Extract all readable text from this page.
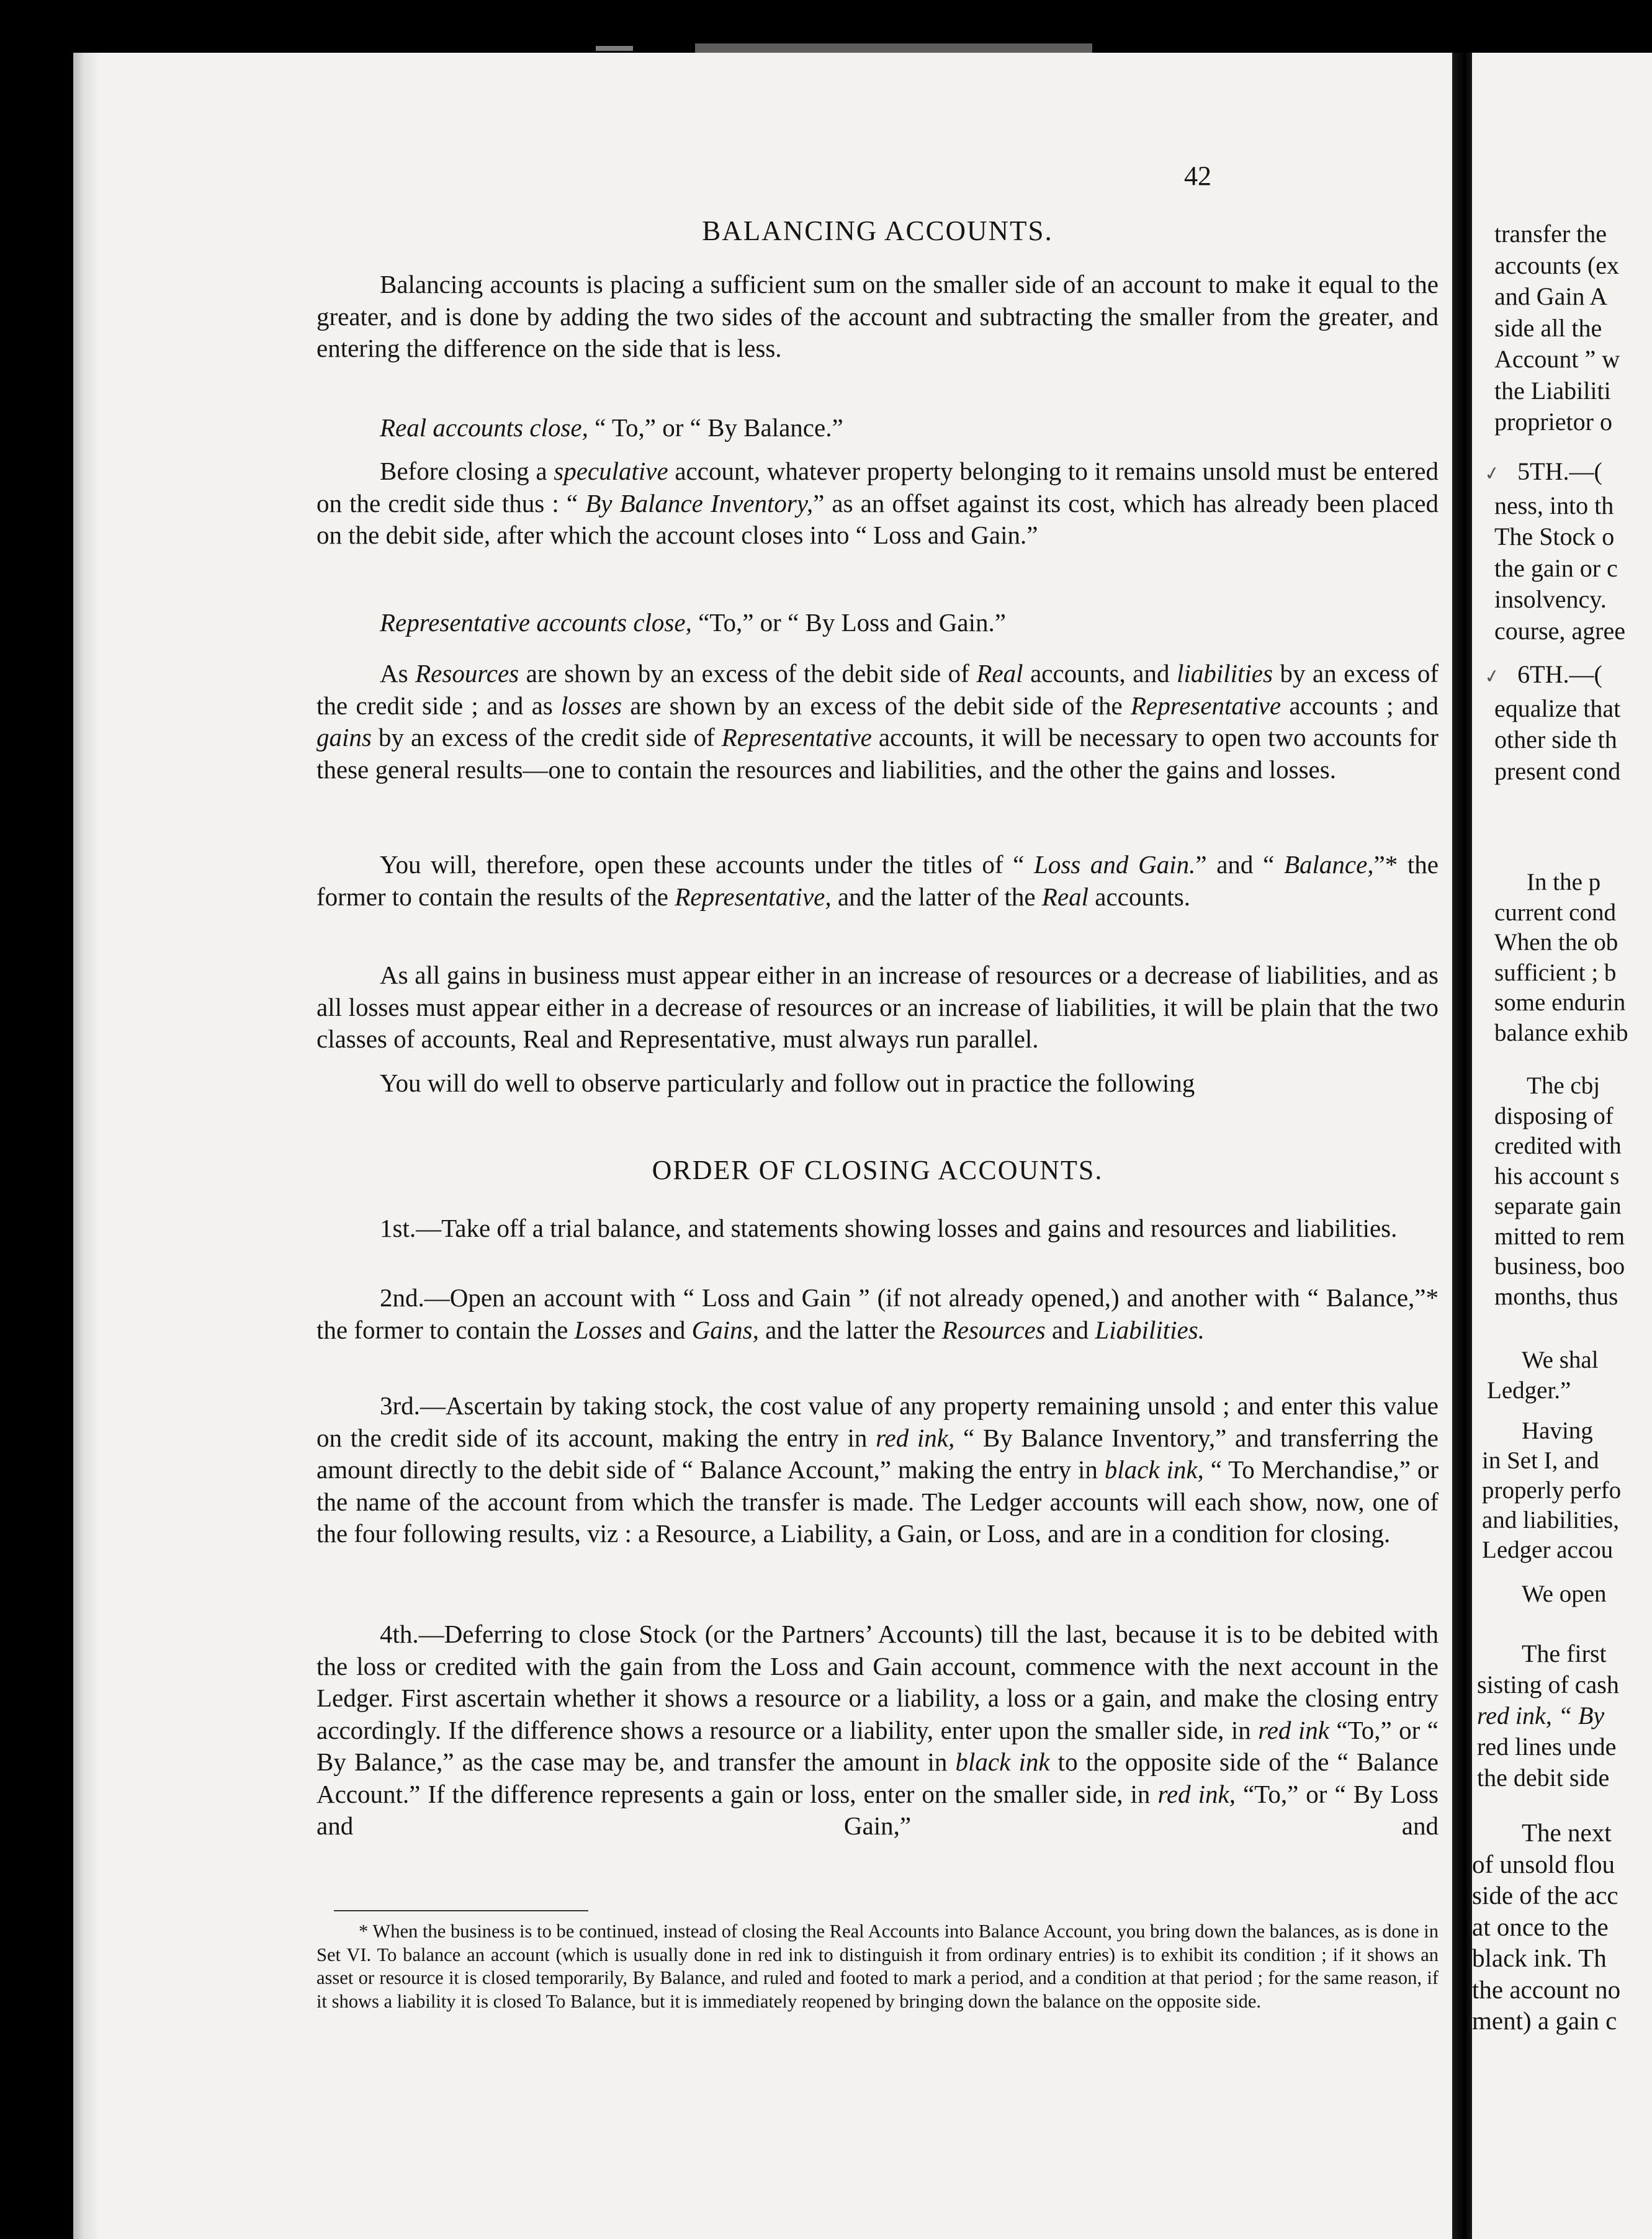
42
BALANCING ACCOUNTS.

Balancing accounts is placing a sufficient sum on the smaller side of an account to make it equal to the greater, and is done by adding the two sides of the account and subtracting the smaller from the greater, and entering the difference on the side that is less.

Real accounts close, “ To,” or “ By Balance.”

Before closing a speculative account, whatever property belonging to it remains unsold must be entered on the credit side thus : “ By Balance Inventory,” as an offset against its cost, which has already been placed on the debit side, after which the account closes into “ Loss and Gain.”

Representative accounts close, “To,” or “ By Loss and Gain.”

As Resources are shown by an excess of the debit side of Real accounts, and liabilities by an excess of the credit side ; and as losses are shown by an excess of the debit side of the Representative accounts ; and gains by an excess of the credit side of Representative accounts, it will be necessary to open two accounts for these general results—one to contain the resources and liabilities, and the other the gains and losses.

You will, therefore, open these accounts under the titles of “ Loss and Gain.” and “ Balance,”* the former to contain the results of the Representative, and the latter of the Real accounts.

As all gains in business must appear either in an increase of resources or a decrease of liabilities, and as all losses must appear either in a decrease of resources or an increase of liabilities, it will be plain that the two classes of accounts, Real and Representative, must always run parallel.

You will do well to observe particularly and follow out in practice the following

ORDER OF CLOSING ACCOUNTS.

1st.—Take off a trial balance, and statements showing losses and gains and resources and liabilities.

2nd.—Open an account with “ Loss and Gain ” (if not already opened,) and another with “ Balance,”* the former to contain the Losses and Gains, and the latter the Resources and Liabilities.

3rd.—Ascertain by taking stock, the cost value of any property remaining unsold ; and enter this value on the credit side of its account, making the entry in red ink, “ By Balance Inventory,” and transferring the amount directly to the debit side of “ Balance Account,” making the entry in black ink, “ To Merchandise,” or the name of the account from which the transfer is made. The Ledger accounts will each show, now, one of the four following results, viz : a Resource, a Liability, a Gain, or Loss, and are in a condition for closing.

4th.—Deferring to close Stock (or the Partners’ Accounts) till the last, because it is to be debited with the loss or credited with the gain from the Loss and Gain account, commence with the next account in the Ledger. First ascertain whether it shows a resource or a liability, a loss or a gain, and make the closing entry accordingly. If the difference shows a resource or a liability, enter upon the smaller side, in red ink “To,” or “ By Balance,” as the case may be, and transfer the amount in black ink to the opposite side of the “ Balance Account.” If the difference represents a gain or loss, enter on the smaller side, in red ink, “To,” or “ By Loss and Gain,” and

* When the business is to be continued, instead of closing the Real Accounts into Balance Account, you bring down the balances, as is done in Set VI. To balance an account (which is usually done in red ink to distinguish it from ordinary entries) is to exhibit its condition ; if it shows an asset or resource it is closed temporarily, By Balance, and ruled and footed to mark a period, and a condition at that period ; for the same reason, if it shows a liability it is closed To Balance, but it is immediately reopened by bringing down the balance on the opposite side.

transfer the
accounts (ex
and Gain A
side all the
Account ” w
the Liabiliti
proprietor o
✓ 5TH.—(
ness, into th
The Stock o
the gain or c
insolvency.
course, agree
✓ 6TH.—(
equalize that
other side th
present cond
In the p
current cond
When the ob
sufficient ; b
some endurin
balance exhib
The cbj
disposing of
credited with
his account s
separate gain
mitted to rem
business, boo
months, thus
We shal
Ledger.”
Having
in Set I, and
properly perfo
and liabilities,
Ledger accou
We open
The first
sisting of cash
red ink, “ By
red lines unde
the debit side
The next
of unsold flou
side of the acc
at once to the
black ink. Th
the account no
ment) a gain c
